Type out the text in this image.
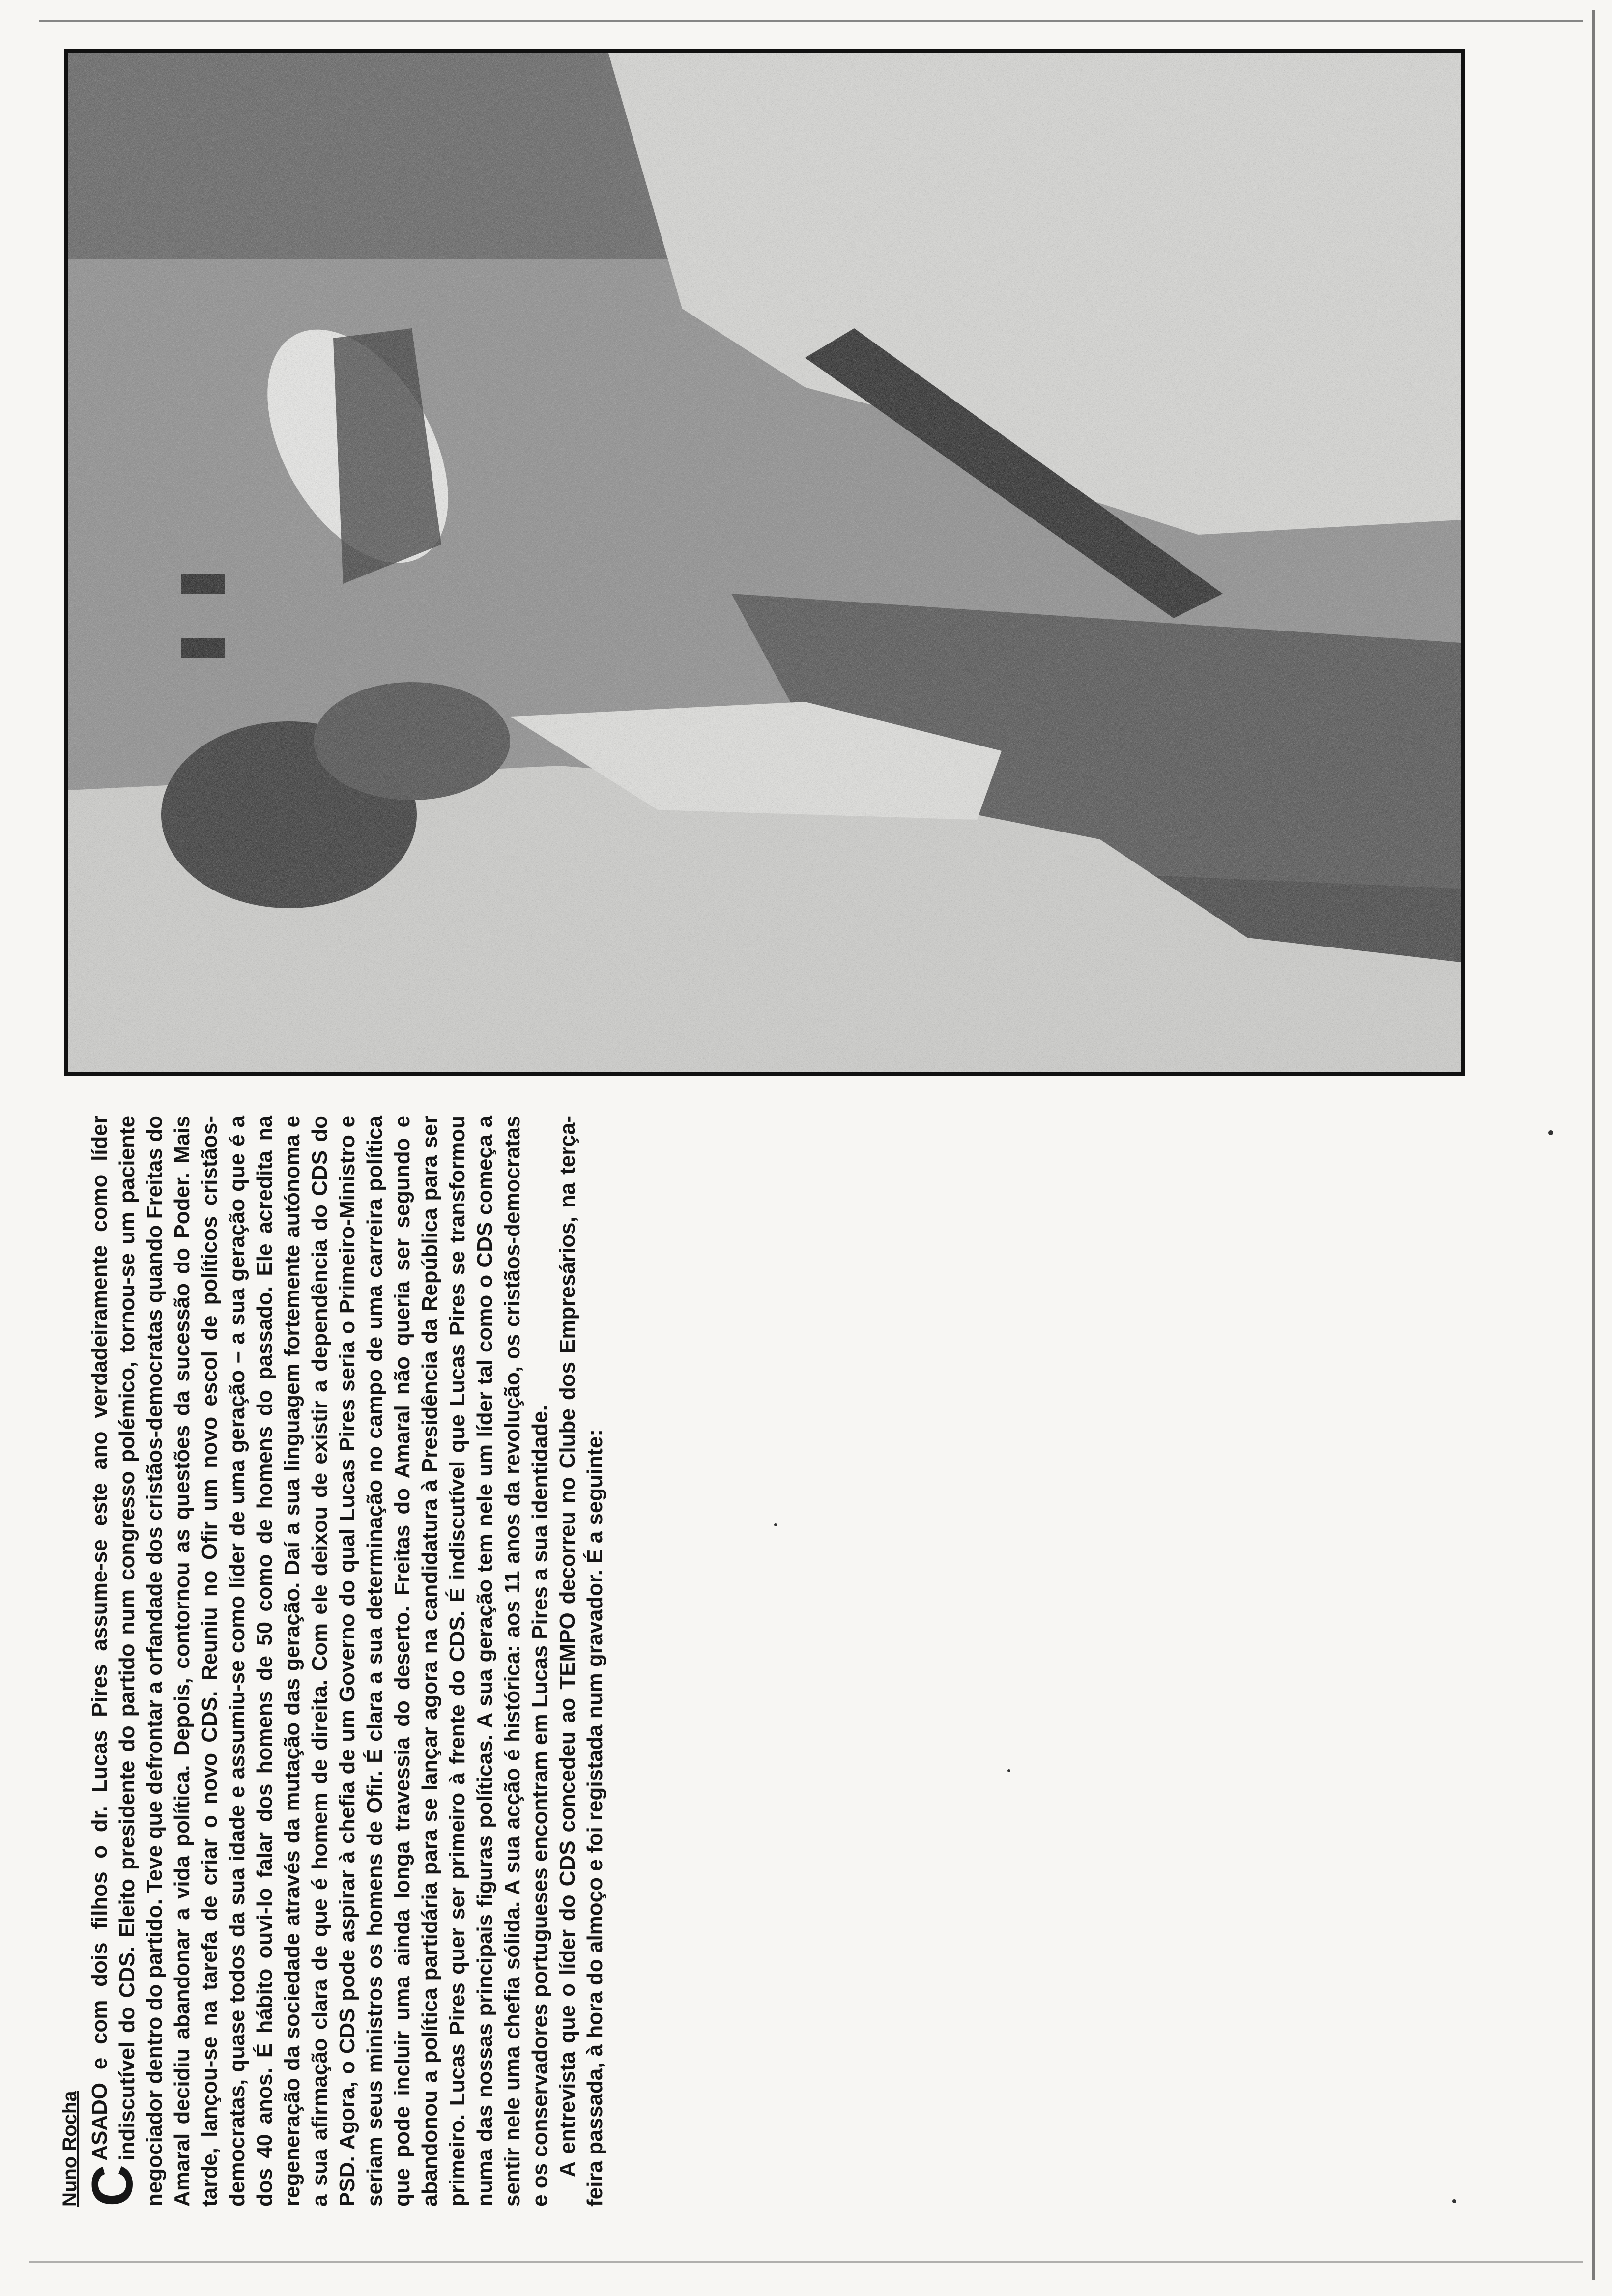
Nuno Rocha C
ASADO e com dois filhos o dr. Lucas Pires assume-se este ano verdadeiramente como líder indiscutível do CDS. Eleito presidente do partido num congresso polémico, tornou-se um paciente negociador dentro do partido. Teve que defrontar a orfandade dos cristãos-democratas quando Freitas do Amaral decidiu abandonar a vida política. Depois, contornou as questões da sucessão do Poder. Mais tarde, lançou-se na tarefa de criar o novo CDS. Reuniu no Ofir um novo escol de políticos cristãos-democratas, quase todos da sua idade e assumiu-se como líder de uma geração – a sua geração que é a dos 40 anos. É hábito ouvi-lo falar dos homens de 50 como de homens do passado. Ele acredita na regeneração da sociedade através da mutação das geração. Daí a sua linguagem fortemente autónoma e a sua afirmação clara de que é homem de direita. Com ele deixou de existir a dependência do CDS do PSD. Agora, o CDS pode aspirar à chefia de um Governo do qual Lucas Pires seria o Primeiro-Ministro e seriam seus ministros os homens de Ofir. É clara a sua determinação no campo de uma carreira política que pode incluir uma ainda longa travessia do deserto. Freitas do Amaral não queria ser segundo e abandonou a política partidária para se lançar agora na candidatura à Presidência da República para ser primeiro. Lucas Pires quer ser primeiro à frente do CDS. É indiscutível que Lucas Pires se transformou numa das nossas principais figuras políticas. A sua geração tem nele um líder tal como o CDS começa a sentir nele uma chefia sólida. A sua acção é histórica: aos 11 anos da revolução, os cristãos-democratas e os conservadores portugueses encontram em Lucas Pires a sua identidade. A entrevista que o líder do CDS concedeu ao TEMPO decorreu no Clube dos Empresários, na terça-feira passada, à hora do almoço e foi registada num gravador. É a seguinte:
